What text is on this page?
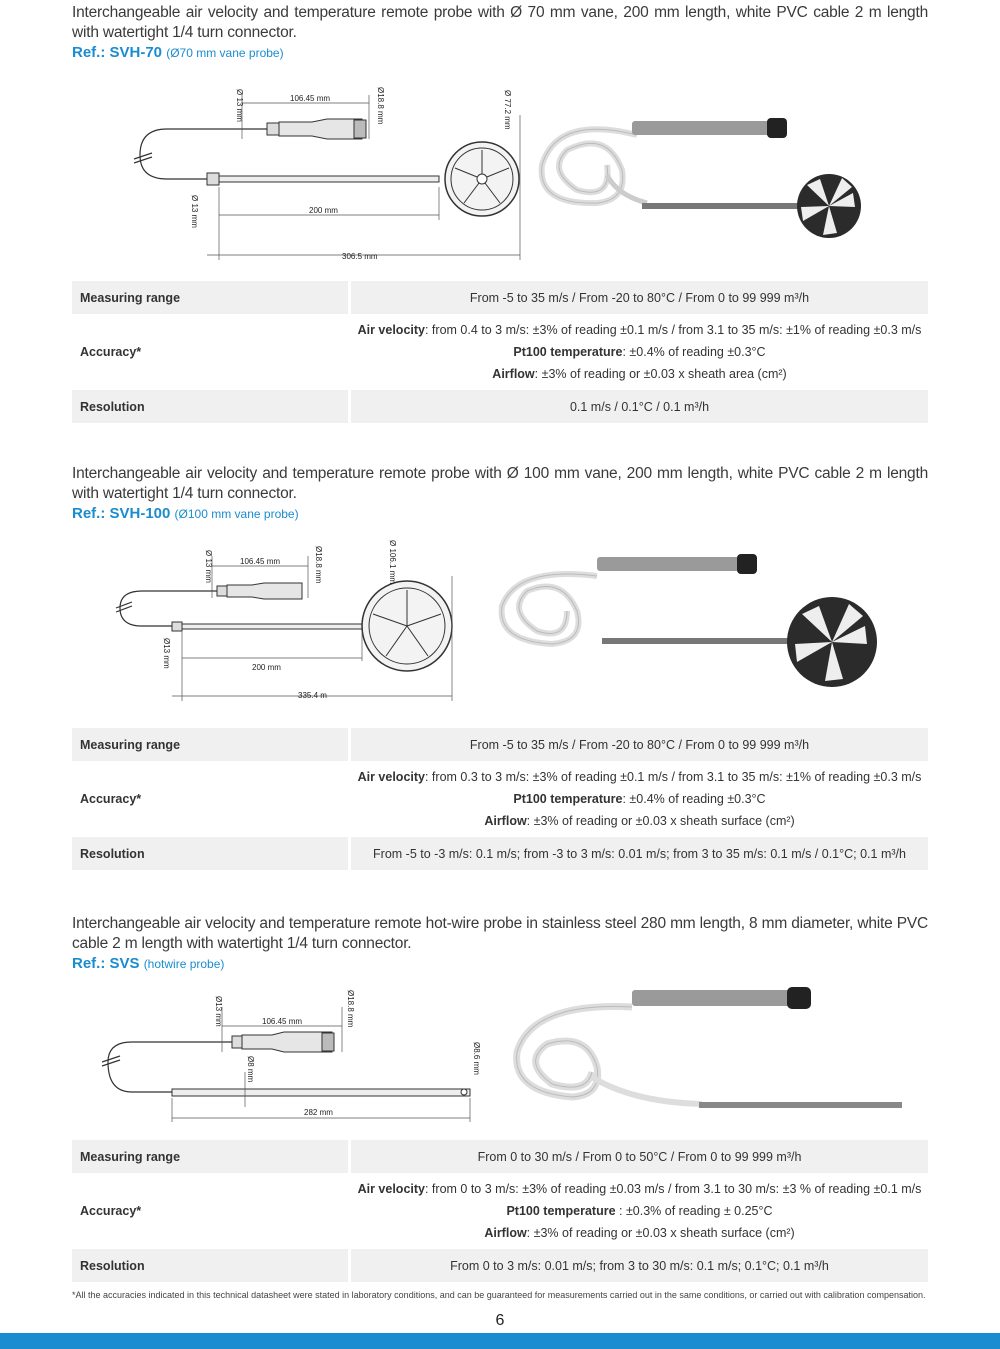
Interchangeable air velocity and temperature remote probe with Ø 70 mm vane, 200 mm length, white PVC cable 2 m length with watertight 1/4 turn connector.

Ref.: SVH-70 (Ø70 mm vane probe)

106.45 mm
200 mm
306.5 mm
Ø 13 mm	Ø18.8 mm	Ø 77.2 mm
Ø 13 mm
Measuring range		From -5 to 35 m/s / From -20 to 80°C / From 0 to 99 999 m³/h
Accuracy*		Air velocity: from 0.4 to 3 m/s: ±3% of reading ±0.1 m/s / from 3.1 to 35 m/s: ±1% of reading ±0.3 m/s
Pt100 temperature: ±0.4% of reading ±0.3°C
Airflow: ±3% of reading or ±0.03 x sheath area (cm²)

Resolution		0.1 m/s / 0.1°C / 0.1 m³/h

Interchangeable air velocity and temperature remote probe with Ø 100 mm vane, 200 mm length, white PVC cable 2 m length with watertight 1/4 turn connector.

Ref.: SVH-100 (Ø100 mm vane probe)

106.45 mm
200 mm
335.4 m
Ø 13 mm	Ø18.8 mm	Ø 106.1 mm
Ø13 mm
Measuring range		From -5 to 35 m/s / From -20 to 80°C / From 0 to 99 999 m³/h
Accuracy*		Air velocity: from 0.3 to 3 m/s: ±3% of reading ±0.1 m/s / from 3.1 to 35 m/s: ±1% of reading ±0.3 m/s
Pt100 temperature: ±0.4% of reading ±0.3°C
Airflow: ±3% of reading or ±0.03 x sheath surface (cm²)

Resolution		From -5 to -3 m/s: 0.1 m/s; from -3 to 3 m/s: 0.01 m/s; from 3 to 35 m/s: 0.1 m/s / 0.1°C; 0.1 m³/h

Interchangeable air velocity and temperature remote hot-wire probe in stainless steel 280 mm length, 8 mm diameter, white PVC cable 2 m length with watertight 1/4 turn connector.

Ref.: SVS (hotwire probe)

106.45 mm
282 mm
Ø13 mm	Ø18.8 mm
Ø8 mm	Ø8.6 mm
Measuring range		From 0 to 30 m/s / From 0 to 50°C / From 0 to 99 999 m³/h
Accuracy*		Air velocity: from 0 to 3 m/s: ±3% of reading ±0.03 m/s / from 3.1 to 30 m/s: ±3 % of reading ±0.1 m/s
Pt100 temperature : ±0.3% of reading ± 0.25°C
Airflow: ±3% of reading or ±0.03 x sheath surface (cm²)

Resolution		From 0 to 3 m/s: 0.01 m/s; from 3 to 30 m/s: 0.1 m/s; 0.1°C; 0.1 m³/h
*All the accuracies indicated in this technical datasheet were stated in laboratory conditions, and can be guaranteed for measurements carried out in the same conditions, or carried out with calibration compensation.
6
